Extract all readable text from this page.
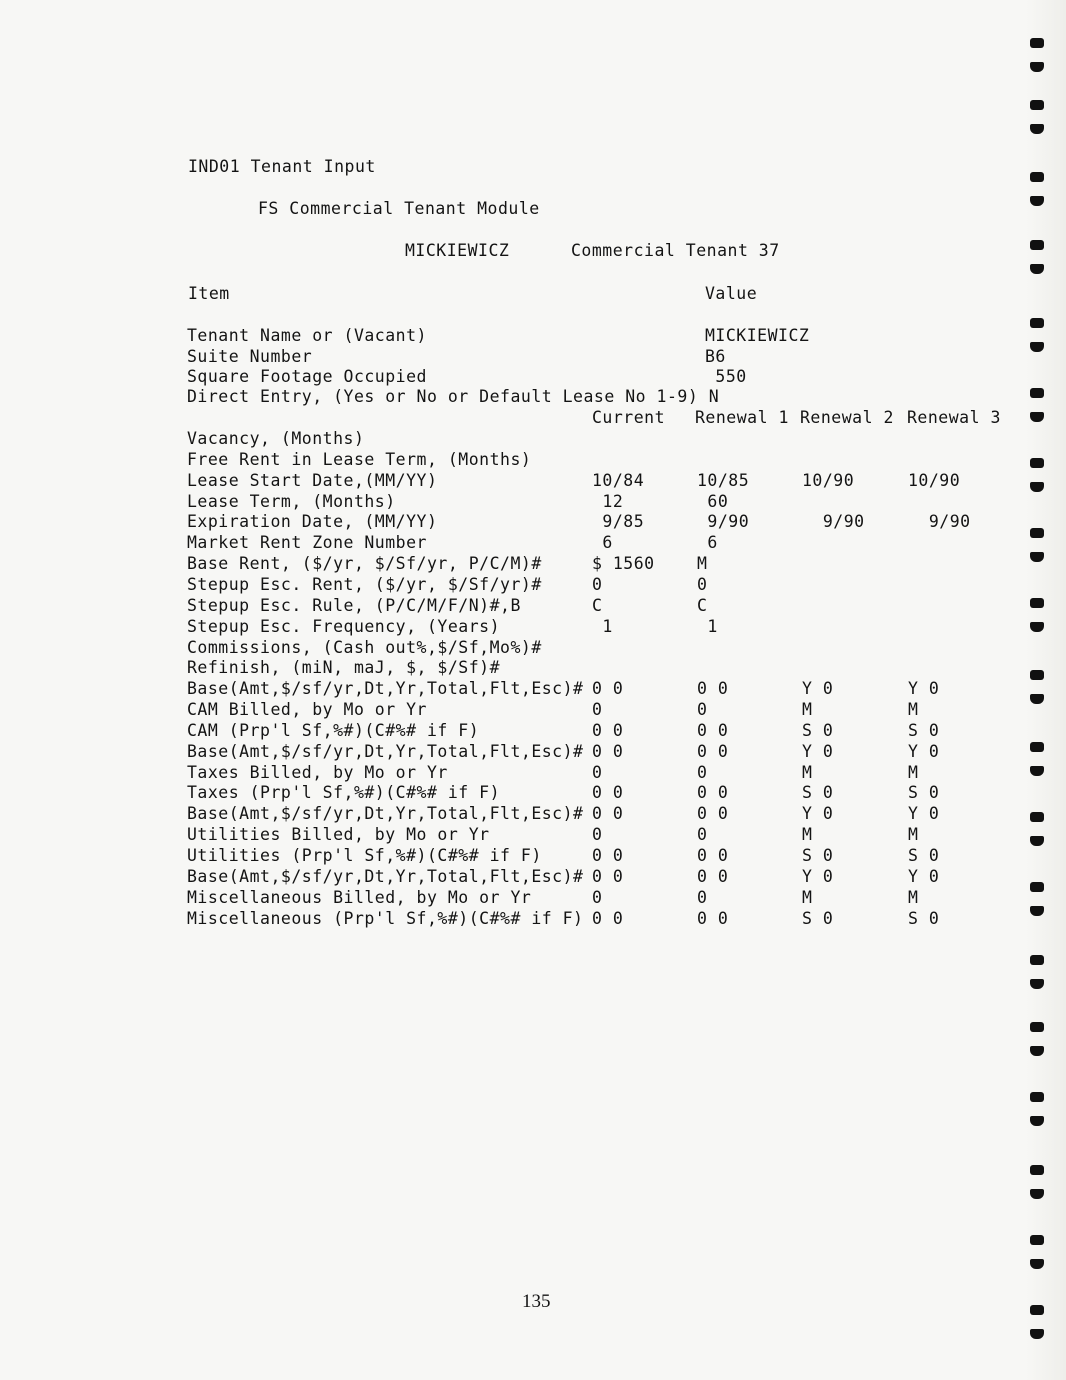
IND01 Tenant Input
FS Commercial Tenant Module
MICKIEWICZ	Commercial Tenant 37
Item	Value
Tenant Name or (Vacant)	MICKIEWICZ
Suite Number	B6
Square Footage Occupied	550
Direct Entry, (Yes or No or Default Lease No 1-9) N
Current Renewal 1 Renewal 2 Renewal 3
Vacancy, (Months)
Free Rent in Lease Term, (Months)
Lease Start Date,(MM/YY)	10/84	10/85	10/90	10/90
Lease Term, (Months)	12	60
Expiration Date, (MM/YY)	9/85	9/90	9/90	9/90
Market Rent Zone Number	6	6
Base Rent, ($/yr, $/Sf/yr, P/C/M)#	$ 1560	M
Stepup Esc. Rent, ($/yr, $/Sf/yr)#	0	0
Stepup Esc. Rule, (P/C/M/F/N)#,B	C	C
Stepup Esc. Frequency, (Years)	1	1
Commissions, (Cash out%,$/Sf,Mo%)#
Refinish, (miN, maJ, $, $/Sf)#
Base(Amt,$/sf/yr,Dt,Yr,Total,Flt,Esc)# 0 0	0 0	Y 0	Y 0
CAM Billed, by Mo or Yr	0	0	M	M
CAM (Prp'l Sf,%#)(C#%# if F)	0 0	0 0	S 0	S 0
Base(Amt,$/sf/yr,Dt,Yr,Total,Flt,Esc)# 0 0	0 0	Y 0	Y 0
Taxes Billed, by Mo or Yr	0	0	M	M
Taxes (Prp'l Sf,%#)(C#%# if F)	0 0	0 0	S 0	S 0
Base(Amt,$/sf/yr,Dt,Yr,Total,Flt,Esc)# 0 0	0 0	Y 0	Y 0
Utilities Billed, by Mo or Yr	0	0	M	M
Utilities (Prp'l Sf,%#)(C#%# if F)	0 0	0 0	S 0	S 0
Base(Amt,$/sf/yr,Dt,Yr,Total,Flt,Esc)# 0 0	0 0	Y 0	Y 0
Miscellaneous Billed, by Mo or Yr	0	0	M	M
Miscellaneous (Prp'l Sf,%#)(C#%# if F) 0 0	0 0	S 0	S 0
135
